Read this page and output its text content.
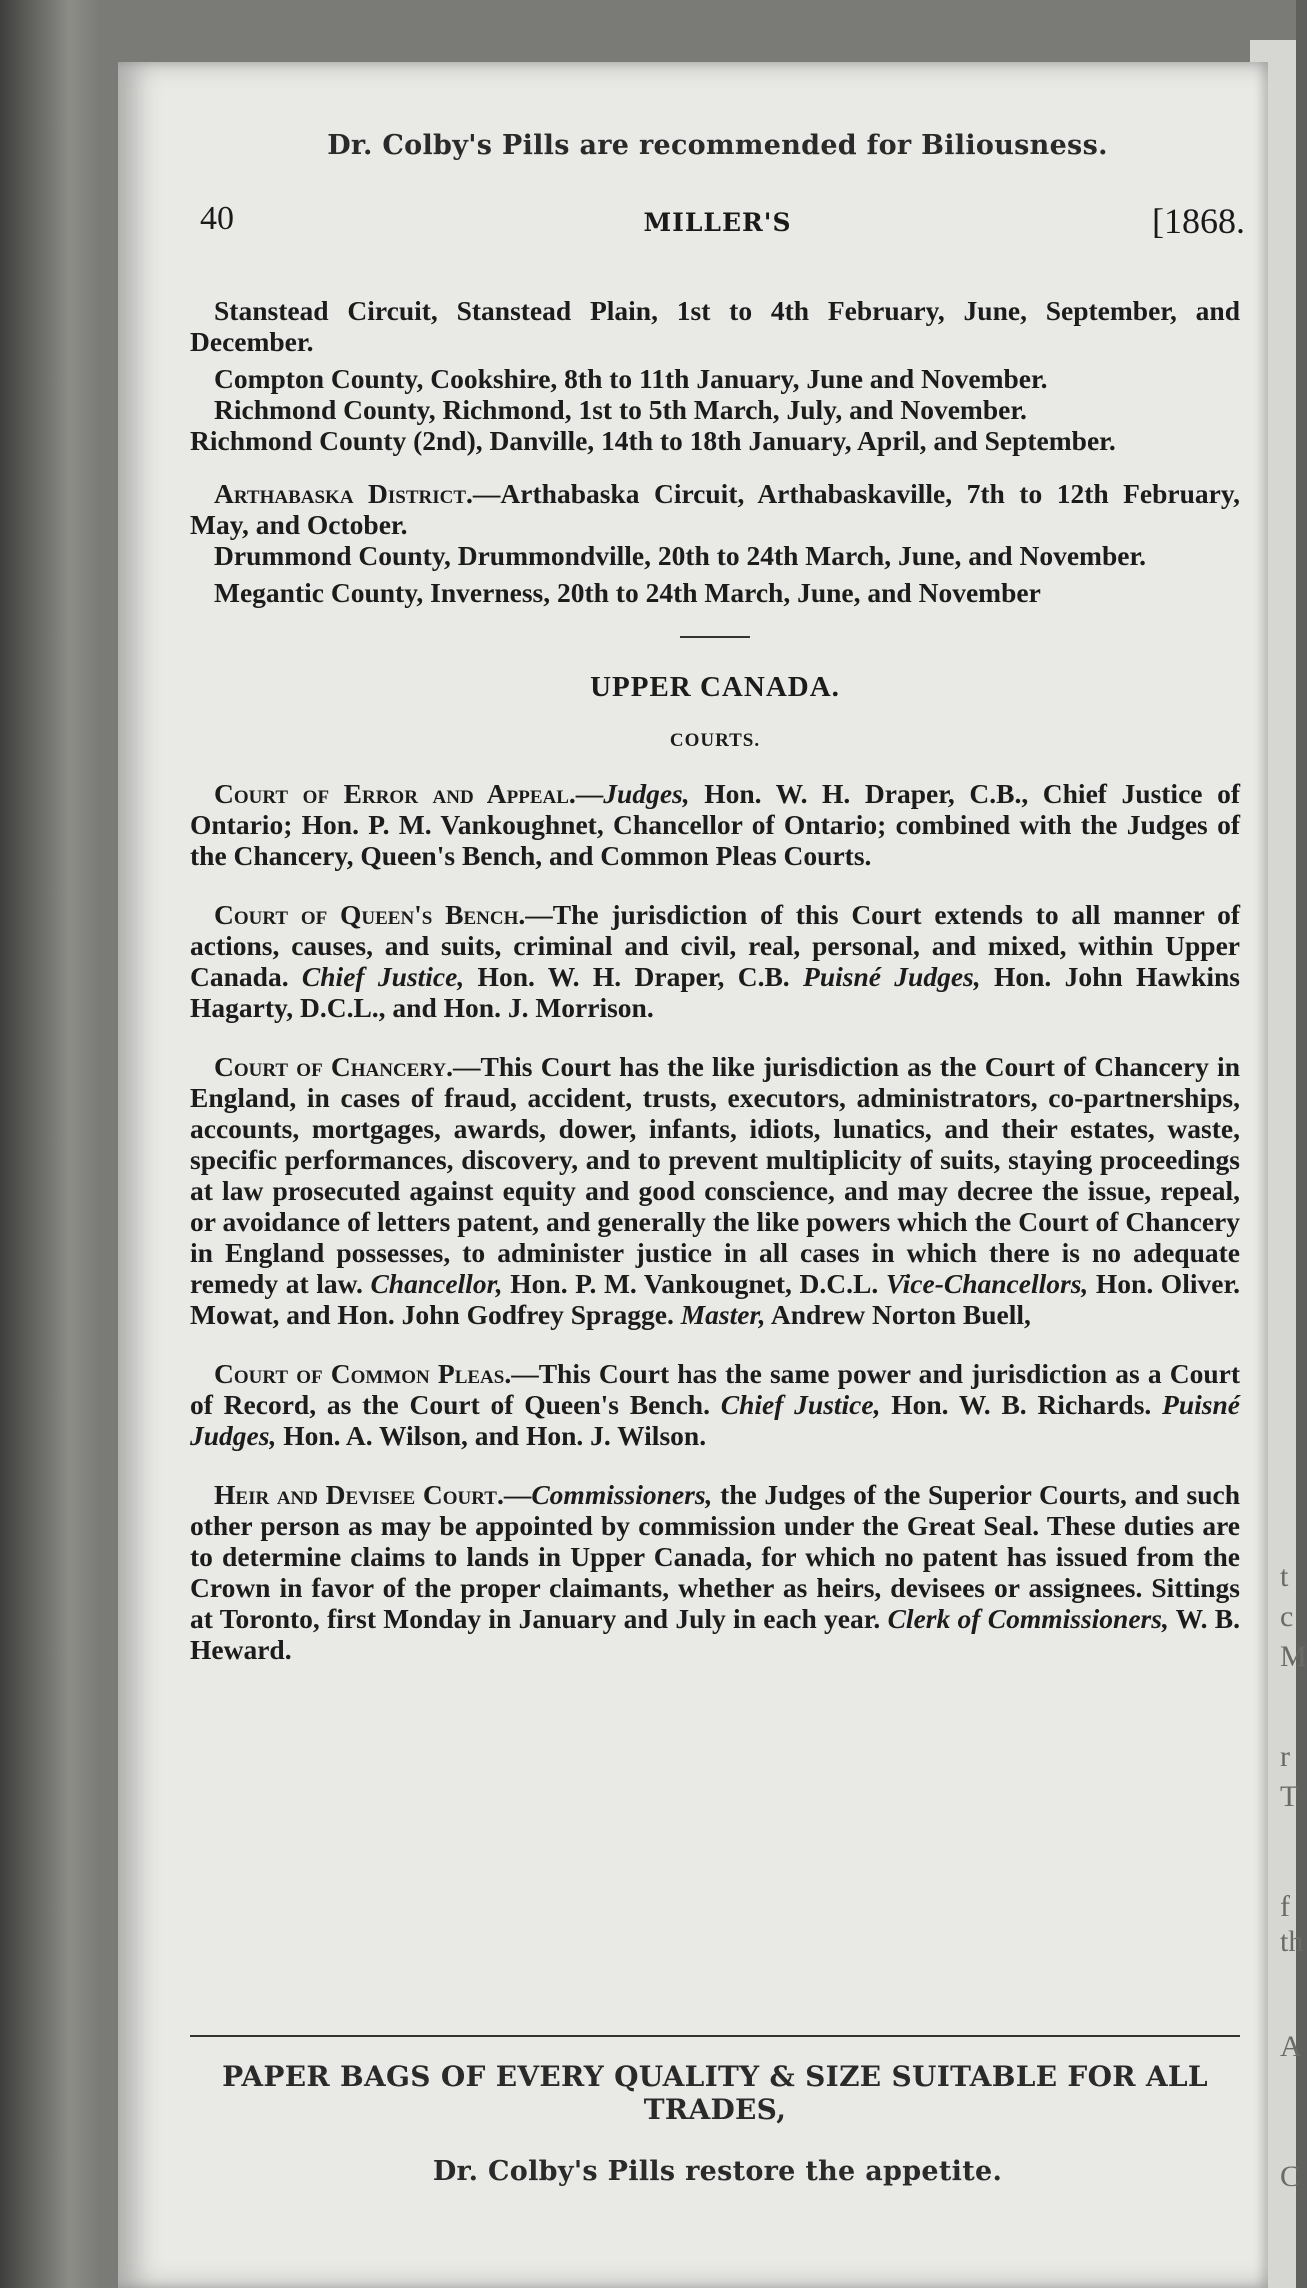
t
c
M
r
T
f
th
A
C
Dr. Colby's Pills are recommended for Biliousness.
40	MILLER'S	[1868.

Stanstead Circuit, Stanstead Plain, 1st to 4th February, June, September, and December.

Compton County, Cookshire, 8th to 11th January, June and November.

Richmond County, Richmond, 1st to 5th March, July, and November.

Richmond County (2nd), Danville, 14th to 18th January, April, and September.

Arthabaska District.—Arthabaska Circuit, Arthabaskaville, 7th to 12th February, May, and October.

Drummond County, Drummondville, 20th to 24th March, June, and November.

Megantic County, Inverness, 20th to 24th March, June, and November

UPPER CANADA.

COURTS.

Court of Error and Appeal.—Judges, Hon. W. H. Draper, C.B., Chief Justice of Ontario; Hon. P. M. Vankoughnet, Chancellor of Ontario; combined with the Judges of the Chancery, Queen's Bench, and Common Pleas Courts.

Court of Queen's Bench.—The jurisdiction of this Court extends to all manner of actions, causes, and suits, criminal and civil, real, personal, and mixed, within Upper Canada. Chief Justice, Hon. W. H. Draper, C.B. Puisné Judges, Hon. John Hawkins Hagarty, D.C.L., and Hon. J. Morrison.

Court of Chancery.—This Court has the like jurisdiction as the Court of Chancery in England, in cases of fraud, accident, trusts, executors, administrators, co-partnerships, accounts, mortgages, awards, dower, infants, idiots, lunatics, and their estates, waste, specific performances, discovery, and to prevent multiplicity of suits, staying proceedings at law prosecuted against equity and good conscience, and may decree the issue, repeal, or avoidance of letters patent, and generally the like powers which the Court of Chancery in England possesses, to administer justice in all cases in which there is no adequate remedy at law. Chancellor, Hon. P. M. Vankougnet, D.C.L. Vice-Chancellors, Hon. Oliver. Mowat, and Hon. John Godfrey Spragge. Master, Andrew Norton Buell,

Court of Common Pleas.—This Court has the same power and jurisdiction as a Court of Record, as the Court of Queen's Bench. Chief Justice, Hon. W. B. Richards. Puisné Judges, Hon. A. Wilson, and Hon. J. Wilson.

Heir and Devisee Court.—Commissioners, the Judges of the Superior Courts, and such other person as may be appointed by commission under the Great Seal. These duties are to determine claims to lands in Upper Canada, for which no patent has issued from the Crown in favor of the proper claimants, whether as heirs, devisees or assignees. Sittings at Toronto, first Monday in January and July in each year. Clerk of Commissioners, W. B. Heward.

PAPER BAGS OF EVERY QUALITY & SIZE SUITABLE FOR ALL TRADES,
Dr. Colby's Pills restore the appetite.
